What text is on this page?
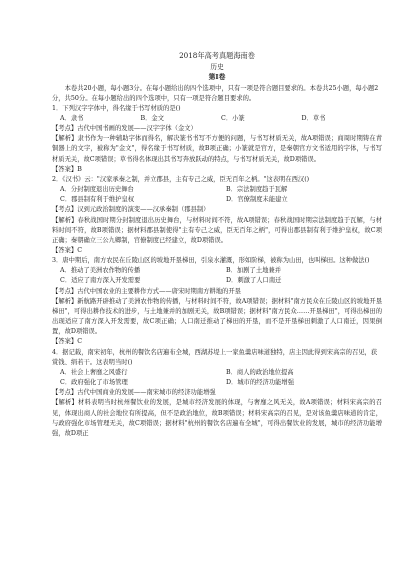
2018年高考真题海南卷

历史

第Ⅰ卷

本卷共20小题，每小题3分。在每小题给出的四个选项中，只有一项是符合题目要求的。本卷共25小题，每小题2分，共50分。在每小题给出的四个选项中，只有一项是符合题目要求的。

1．下列汉字字体中，得名缘于书写材质的是()

A．隶书	B．金文	C．小篆	D．草书

【考点】古代中国书画的发展——汉字字体（金文）

【解析】隶书作为一种辅助字体而得名，解决篆书书写不方便的问题，与书写材质无关，故A项错误；商周时期铸在青铜器上的文字，被称为"金文"，得名缘于书写材质，故B项正确；小篆就是官方，是秦朝官方文书适用的字体，与书写材质无关，故C项错误；草书得名体现出其书写奔放跃动的特点，与书写材质无关，故D项错误。

【答案】B

2．《汉书》云："汉家承秦之制，并立郡县，主有专己之威，臣无百年之柄。"这表明在西汉()

A．分封制度退出历史舞台	B．宗法制度趋于瓦解
C．郡县制有利于维护皇权	D．官僚制度未能建立

【考点】汉到元政治制度的演变——汉承秦制（郡县制）

【解析】春秋战国时期分封制度退出历史舞台，与材料时间不符，故A项错误；春秋战国时期宗法制度趋于瓦解，与材料时间不符，故B项错误；据材料郡县制使得"主有专己之威，臣无百年之柄"，可得出郡县制有利于维护皇权，故C项正确；秦朝确立三公九卿制，官僚制度已经建立，故D项错误。

【答案】C

3．唐中期后，南方农民在丘陵山区的坡地开垦梯田，引泉水灌溉，形如阶梯，被称为山田，也叫梯田。这种做法()

A．推动了美洲农作物的传播	B．加剧了土地兼并
C．适应了南方深入开发需要	D．刺激了人口南迁

【考点】古代中国农业的主要耕作方式——唐宋时期南方耕地的开垦

【解析】新航路开辟推动了美洲农作物的传播，与材料时间不符，故A项错误；据材料"南方民众在丘陵山区的坡地开垦梯田"，可得出耕作技术的进步，与土地兼并的加剧无关，故B项错误；据材料"南方民众……开垦梯田"，可得出梯田的出现适应了南方深入开发需要，故C项正确；人口南迁推动了梯田的开垦，而不是开垦梯田刺激了人口南迁，因果倒置，故D项错误。

【答案】C

4．据记载，南宋初年，杭州的餐饮名店遍布全城，西湖苏堤上一家鱼羹店味道独特，店主因此得到宋高宗的召见，获赏钱、绢若干。这表明当时()

A．社会上奢靡之风盛行	B．商人的政治地位提高
C．政府强化了市场管理	D．城市的经济功能增强

【考点】古代中国商业的发展——南宋城市的经济功能增强

【解析】材料表明当时杭州餐饮业的发展，是城市经济发展的体现，与奢靡之风无关，故A项错误；材料宋高宗的召见，体现出商人的社会地位有所提高，但不是政治地位，故B项错误；材料宋高宗的召见，是对该鱼羹店味道的肯定，与政府强化市场管理无关，故C项错误；据材料"杭州的餐饮名店遍布全城"，可得出餐饮业的发展，城市的经济功能增强，故D项正
